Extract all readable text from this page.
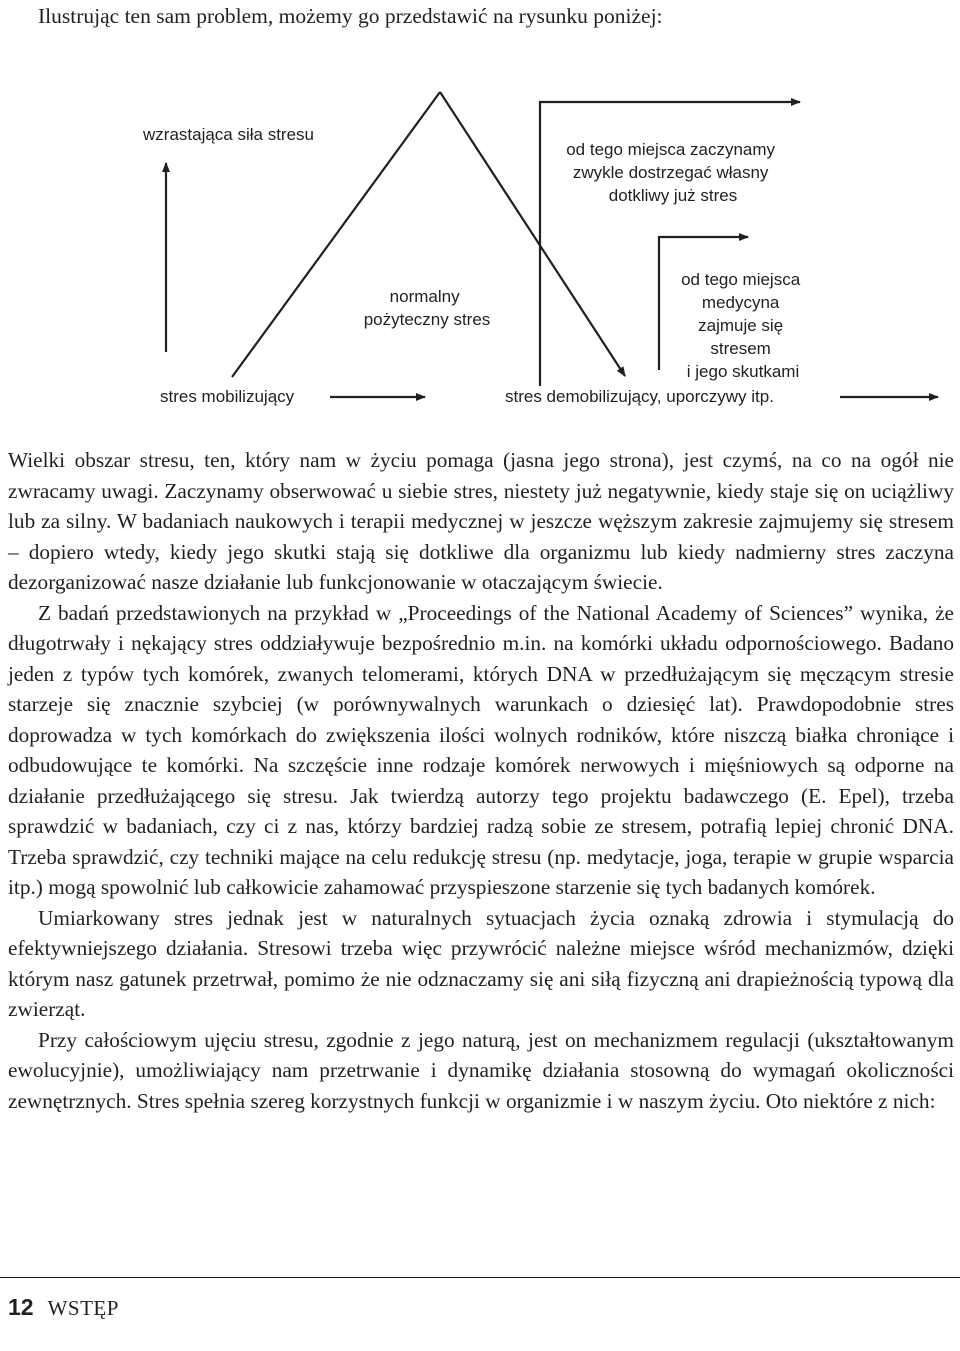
Ilustrując ten sam problem, możemy go przedstawić na rysunku poniżej:
wzrastająca siła stresu
stres mobilizujący
normalny pożyteczny stres
od tego miejsca zaczynamy zwykle dostrzegać własny dotkliwy już stres
od tego miejsca medycyna zajmuje się stresem i jego skutkami
stres demobilizujący, uporczywy itp.

Wielki obszar stresu, ten, który nam w życiu pomaga (jasna jego strona), jest czymś, na co na ogół nie zwracamy uwagi. Zaczynamy obserwować u siebie stres, niestety już negatywnie, kiedy staje się on uciążliwy lub za silny. W badaniach naukowych i terapii medycznej w jeszcze węższym zakresie zajmujemy się stresem – dopiero wtedy, kiedy jego skutki stają się dotkliwe dla organizmu lub kiedy nadmierny stres zaczyna dezorganizować nasze działanie lub funkcjonowanie w otaczającym świecie.

Z badań przedstawionych na przykład w „Proceedings of the National Academy of Sciences” wynika, że długotrwały i nękający stres oddziaływuje bezpośrednio m.in. na komórki układu odpornościowego. Badano jeden z typów tych komórek, zwanych telomerami, których DNA w przedłużającym się męczącym stresie starzeje się znacznie szybciej (w porównywalnych warunkach o dziesięć lat). Prawdopodobnie stres doprowadza w tych komórkach do zwiększenia ilości wolnych rodników, które niszczą białka chroniące i odbudowujące te komórki. Na szczęście inne rodzaje komórek nerwowych i mięśniowych są odporne na działanie przedłużającego się stresu. Jak twierdzą autorzy tego projektu badawczego (E. Epel), trzeba sprawdzić w badaniach, czy ci z nas, którzy bardziej radzą sobie ze stresem, potrafią lepiej chronić DNA. Trzeba sprawdzić, czy techniki mające na celu redukcję stresu (np. medytacje, joga, terapie w grupie wsparcia itp.) mogą spowolnić lub całkowicie zahamować przyspieszone starzenie się tych badanych komórek.

Umiarkowany stres jednak jest w naturalnych sytuacjach życia oznaką zdrowia i stymulacją do efektywniejszego działania. Stresowi trzeba więc przywrócić należne miejsce wśród mechanizmów, dzięki którym nasz gatunek przetrwał, pomimo że nie odznaczamy się ani siłą fizyczną ani drapieżnością typową dla zwierząt.

Przy całościowym ujęciu stresu, zgodnie z jego naturą, jest on mechanizmem regulacji (ukształtowanym ewolucyjnie), umożliwiający nam przetrwanie i dynamikę działania stosowną do wymagań okoliczności zewnętrznych. Stres spełnia szereg korzystnych funkcji w organizmie i w naszym życiu. Oto niektóre z nich:

12 WSTĘP
